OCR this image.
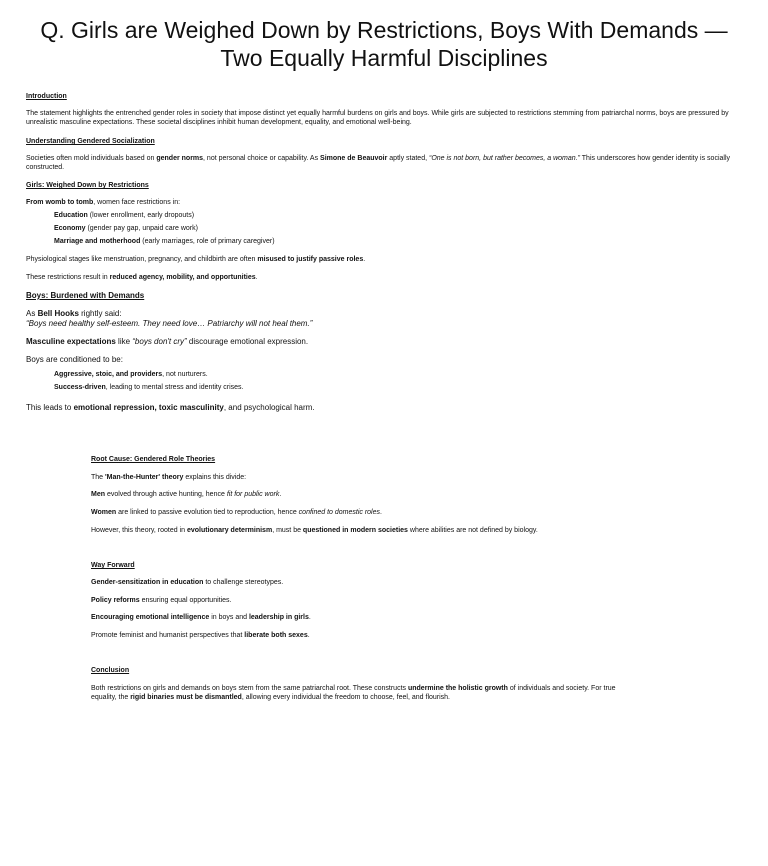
Q. Girls are Weighed Down by Restrictions, Boys With Demands — Two Equally Harmful Disciplines

Introduction

The statement highlights the entrenched gender roles in society that impose distinct yet equally harmful burdens on girls and boys. While girls are subjected to restrictions stemming from patriarchal norms, boys are pressured by unrealistic masculine expectations. These societal disciplines inhibit human development, equality, and emotional well-being.

Understanding Gendered Socialization

Societies often mold individuals based on gender norms, not personal choice or capability. As Simone de Beauvoir aptly stated, “One is not born, but rather becomes, a woman.” This underscores how gender identity is socially constructed.

Girls: Weighed Down by Restrictions

From womb to tomb, women face restrictions in:

Education (lower enrollment, early dropouts)

Economy (gender pay gap, unpaid care work)

Marriage and motherhood (early marriages, role of primary caregiver)

Physiological stages like menstruation, pregnancy, and childbirth are often misused to justify passive roles.

These restrictions result in reduced agency, mobility, and opportunities.

Boys: Burdened with Demands

As Bell Hooks rightly said:

“Boys need healthy self-esteem. They need love… Patriarchy will not heal them.”

Masculine expectations like “boys don't cry” discourage emotional expression.

Boys are conditioned to be:

Aggressive, stoic, and providers, not nurturers.

Success-driven, leading to mental stress and identity crises.

This leads to emotional repression, toxic masculinity, and psychological harm.

Root Cause: Gendered Role Theories

The 'Man-the-Hunter' theory explains this divide:

Men evolved through active hunting, hence fit for public work.

Women are linked to passive evolution tied to reproduction, hence confined to domestic roles.

However, this theory, rooted in evolutionary determinism, must be questioned in modern societies where abilities are not defined by biology.

Way Forward

Gender-sensitization in education to challenge stereotypes.

Policy reforms ensuring equal opportunities.

Encouraging emotional intelligence in boys and leadership in girls.

Promote feminist and humanist perspectives that liberate both sexes.

Conclusion

Both restrictions on girls and demands on boys stem from the same patriarchal root. These constructs undermine the holistic growth of individuals and society. For true equality, the rigid binaries must be dismantled, allowing every individual the freedom to choose, feel, and flourish.
